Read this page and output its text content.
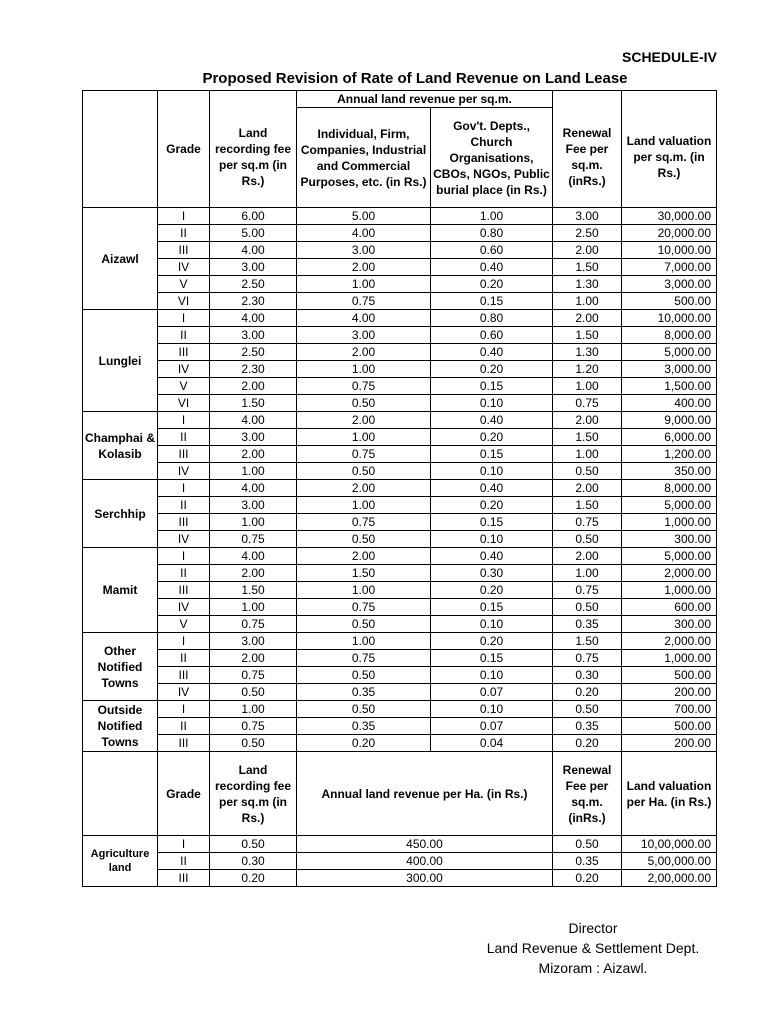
SCHEDULE-IV
Proposed Revision of Rate of Land Revenue on Land Lease
	Grade		Annual land revenue per sq.m.			
		Land recording fee per sq.m (in Rs.)	Individual, Firm, Companies, Industrial and Commercial Purposes, etc. (in Rs.)	Gov't. Depts., Church Organisations, CBOs, NGOs, Public burial place (in Rs.)	Renewal Fee per sq.m. (inRs.)	Land valuation per sq.m. (in Rs.)
Aizawl	I	6.00	5.00	1.00	3.00	30,000.00
	II	5.00	4.00	0.80	2.50	20,000.00
	III	4.00	3.00	0.60	2.00	10,000.00
	IV	3.00	2.00	0.40	1.50	7,000.00
	V	2.50	1.00	0.20	1.30	3,000.00
	VI	2.30	0.75	0.15	1.00	500.00
Lunglei	I	4.00	4.00	0.80	2.00	10,000.00
	II	3.00	3.00	0.60	1.50	8,000.00
	III	2.50	2.00	0.40	1.30	5,000.00
	IV	2.30	1.00	0.20	1.20	3,000.00
	V	2.00	0.75	0.15	1.00	1,500.00
	VI	1.50	0.50	0.10	0.75	400.00
Champhai & Kolasib	I	4.00	2.00	0.40	2.00	9,000.00
	II	3.00	1.00	0.20	1.50	6,000.00
	III	2.00	0.75	0.15	1.00	1,200.00
	IV	1.00	0.50	0.10	0.50	350.00
Serchhip	I	4.00	2.00	0.40	2.00	8,000.00
	II	3.00	1.00	0.20	1.50	5,000.00
	III	1.00	0.75	0.15	0.75	1,000.00
	IV	0.75	0.50	0.10	0.50	300.00
Mamit	I	4.00	2.00	0.40	2.00	5,000.00
	II	2.00	1.50	0.30	1.00	2,000.00
	III	1.50	1.00	0.20	0.75	1,000.00
	IV	1.00	0.75	0.15	0.50	600.00
	V	0.75	0.50	0.10	0.35	300.00
Other Notified Towns	I	3.00	1.00	0.20	1.50	2,000.00
	II	2.00	0.75	0.15	0.75	1,000.00
	III	0.75	0.50	0.10	0.30	500.00
	IV	0.50	0.35	0.07	0.20	200.00
Outside Notified Towns	I	1.00	0.50	0.10	0.50	700.00
	II	0.75	0.35	0.07	0.35	500.00
	III	0.50	0.20	0.04	0.20	200.00
	Grade	Land recording fee per sq.m (in Rs.)	Annual land revenue per Ha. (in Rs.)		Renewal Fee per sq.m. (inRs.)	Land valuation per Ha. (in Rs.)
Agriculture land	I	0.50	450.00		0.50	10,00,000.00
	II	0.30	400.00		0.35	5,00,000.00
	III	0.20	300.00		0.20	2,00,000.00
Director
Land Revenue & Settlement Dept.
Mizoram : Aizawl.
